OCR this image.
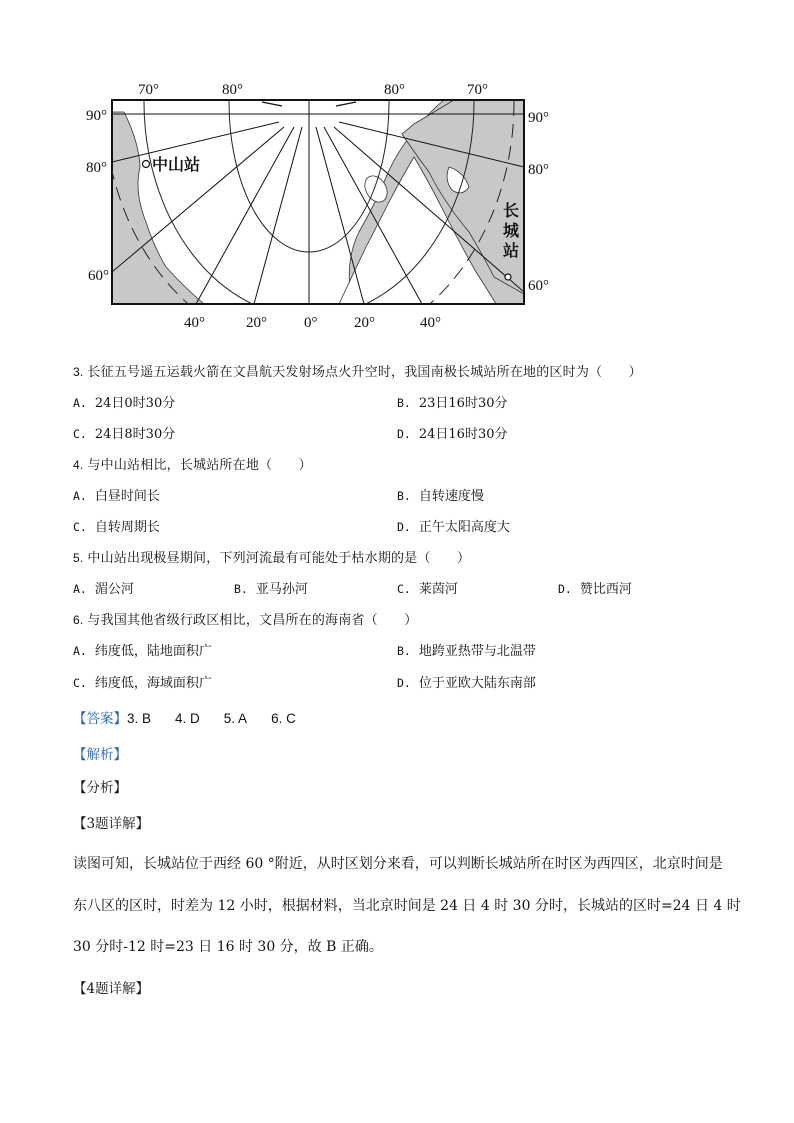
70°	80°	80°	70°
40°	20° 0° 20°	40°
90°
80°
60°
90°
80°
60°
中山站
长
城
站
3. 长征五号遥五运载火箭在文昌航天发射场点火升空时，我国南极长城站所在地的区时为（　　）
A. 24日0时30分	B. 23日16时30分
C. 24日8时30分	D. 24日16时30分
4. 与中山站相比，长城站所在地（　　）
A. 白昼时间长	B. 自转速度慢
C. 自转周期长	D. 正午太阳高度大
5. 中山站出现极昼期间，下列河流最有可能处于枯水期的是（　　）
A. 湄公河	B. 亚马孙河	C. 莱茵河	D. 赞比西河
6. 与我国其他省级行政区相比，文昌所在的海南省（　　）
A. 纬度低，陆地面积广	B. 地跨亚热带与北温带
C. 纬度低，海域面积广	D. 位于亚欧大陆东南部
【答案】3. B 4. D 5. A 6. C
【解析】
【分析】
【3题详解】
读图可知，长城站位于西经 60 °附近，从时区划分来看，可以判断长城站所在时区为西四区，北京时间是
东八区的区时，时差为 12 小时，根据材料，当北京时间是 24 日 4 时 30 分时，长城站的区时=24 日 4 时
30 分时-12 时=23 日 16 时 30 分，故 B 正确。
【4题详解】
